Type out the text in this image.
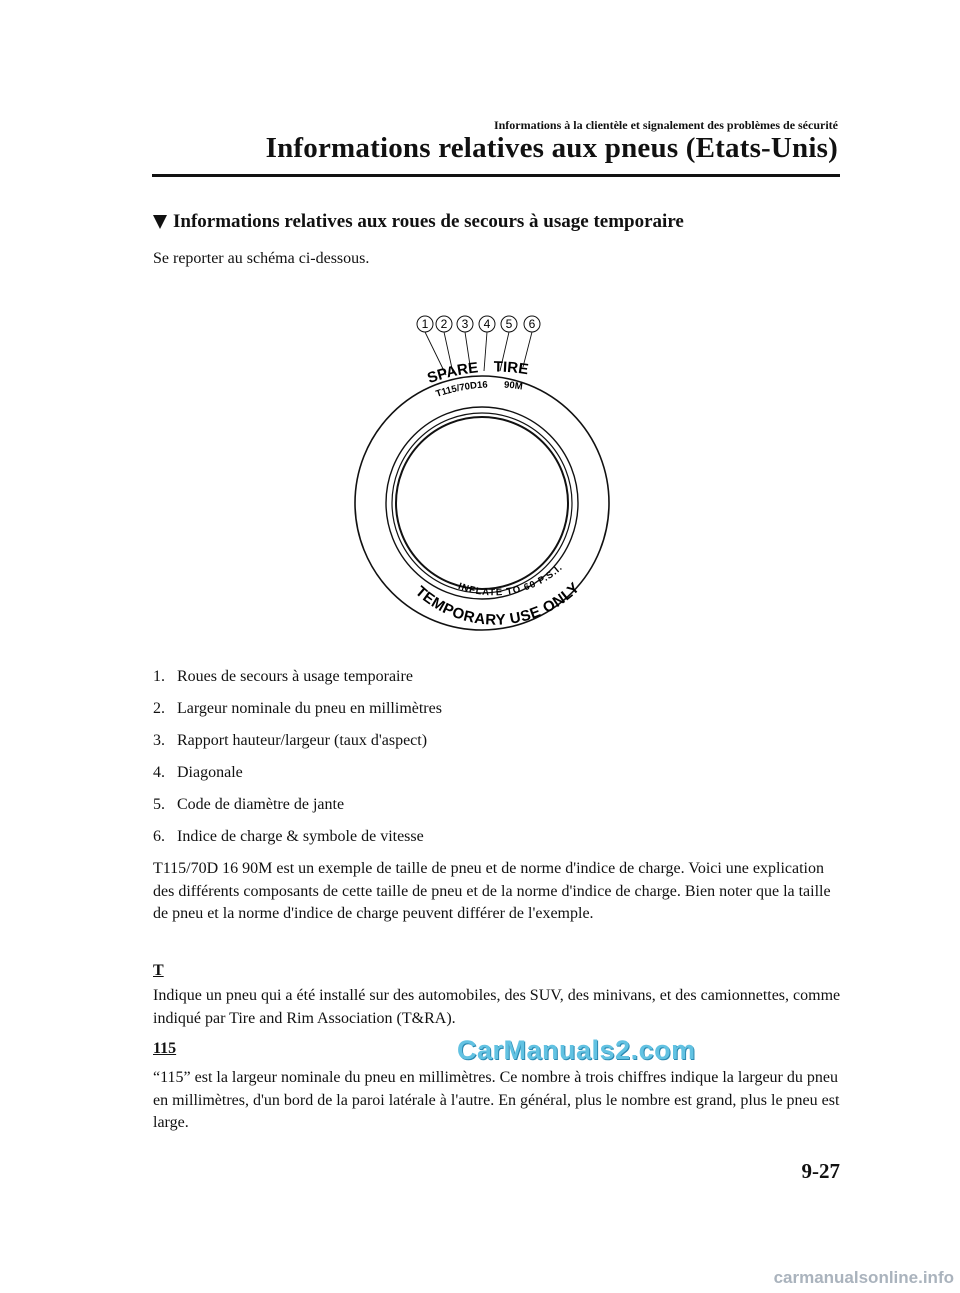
Informations à la clientèle et signalement des problèmes de sécurité
Informations relatives aux pneus (Etats-Unis)
Informations relatives aux roues de secours à usage temporaire
Se reporter au schéma ci-dessous.
1 2 3 4 5 6
SPARE TIRE
T115/70D16 90M
TEMPORARY USE ONLY
INFLATE TO 60 P.S.I.
1. Roues de secours à usage temporaire
2. Largeur nominale du pneu en millimètres
3. Rapport hauteur/largeur (taux d'aspect)
4. Diagonale
5. Code de diamètre de jante
6. Indice de charge & symbole de vitesse
T115/70D 16 90M est un exemple de taille de pneu et de norme d'indice de charge. Voici une explication des différents composants de cette taille de pneu et de la norme d'indice de charge. Bien noter que la taille de pneu et la norme d'indice de charge peuvent différer de l'exemple.
T
Indique un pneu qui a été installé sur des automobiles, des SUV, des minivans, et des camionnettes, comme indiqué par Tire and Rim Association (T&RA).
115
“115” est la largeur nominale du pneu en millimètres. Ce nombre à trois chiffres indique la largeur du pneu en millimètres, d'un bord de la paroi latérale à l'autre. En général, plus le nombre est grand, plus le pneu est large.
CarManuals2.com
9-27
carmanualsonline.info
